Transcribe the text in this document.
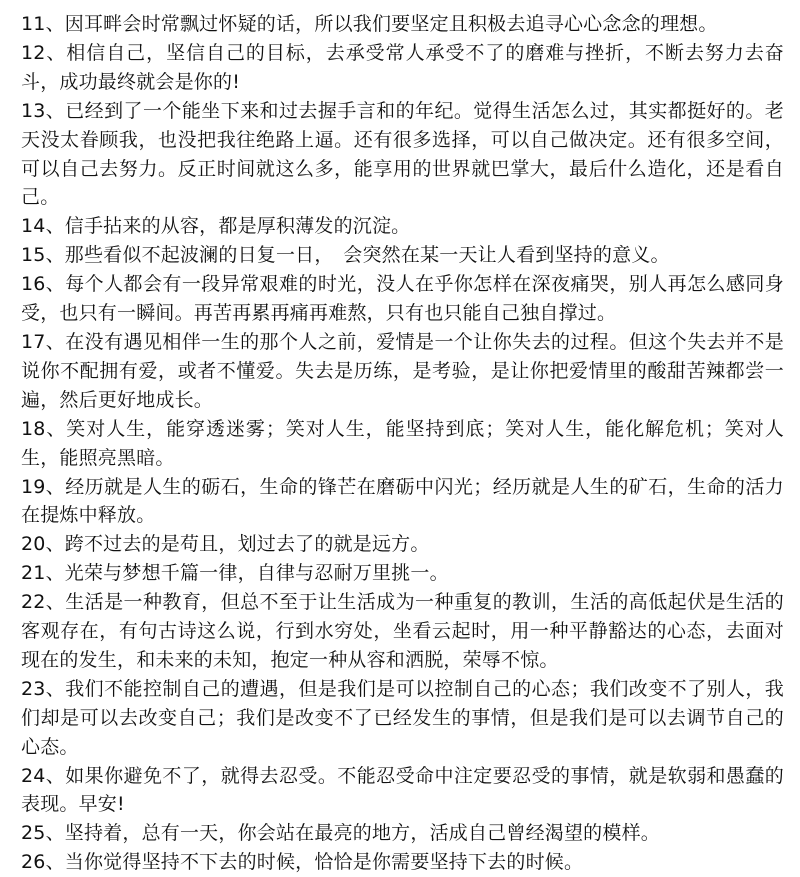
11、因耳畔会时常飘过怀疑的话，所以我们要坚定且积极去追寻心心念念的理想。

12、相信自己，坚信自己的目标，去承受常人承受不了的磨难与挫折，不断去努力去奋斗，成功最终就会是你的!

13、已经到了一个能坐下来和过去握手言和的年纪。觉得生活怎么过，其实都挺好的。老天没太眷顾我，也没把我往绝路上逼。还有很多选择，可以自己做决定。还有很多空间，可以自己去努力。反正时间就这么多，能享用的世界就巴掌大，最后什么造化，还是看自己。

14、信手拈来的从容，都是厚积薄发的沉淀。

15、那些看似不起波澜的日复一日，　会突然在某一天让人看到坚持的意义。

16、每个人都会有一段异常艰难的时光，没人在乎你怎样在深夜痛哭，别人再怎么感同身受，也只有一瞬间。再苦再累再痛再难熬，只有也只能自己独自撑过。

17、在没有遇见相伴一生的那个人之前，爱情是一个让你失去的过程。但这个失去并不是说你不配拥有爱，或者不懂爱。失去是历练，是考验，是让你把爱情里的酸甜苦辣都尝一遍，然后更好地成长。

18、笑对人生，能穿透迷雾；笑对人生，能坚持到底；笑对人生，能化解危机；笑对人生，能照亮黑暗。

19、经历就是人生的砺石，生命的锋芒在磨砺中闪光；经历就是人生的矿石，生命的活力在提炼中释放。

20、跨不过去的是苟且，划过去了的就是远方。

21、光荣与梦想千篇一律，自律与忍耐万里挑一。

22、生活是一种教育，但总不至于让生活成为一种重复的教训，生活的高低起伏是生活的客观存在，有句古诗这么说，行到水穷处，坐看云起时，用一种平静豁达的心态，去面对现在的发生，和未来的未知，抱定一种从容和洒脱，荣辱不惊。

23、我们不能控制自己的遭遇，但是我们是可以控制自己的心态；我们改变不了别人，我们却是可以去改变自己；我们是改变不了已经发生的事情，但是我们是可以去调节自己的心态。

24、如果你避免不了，就得去忍受。不能忍受命中注定要忍受的事情，就是软弱和愚蠢的表现。早安!

25、坚持着，总有一天，你会站在最亮的地方，活成自己曾经渴望的模样。

26、当你觉得坚持不下去的时候，恰恰是你需要坚持下去的时候。
